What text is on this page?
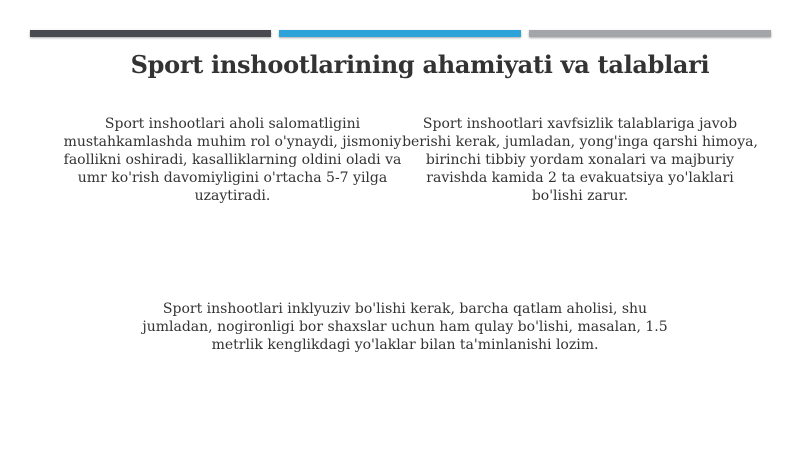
Sport inshootlarining ahamiyati va talablari
Sport inshootlari aholi salomatligini mustahkamlashda muhim rol o'ynaydi, jismoniy faollikni oshiradi, kasalliklarning oldini oladi va umr ko'rish davomiyligini o'rtacha 5-7 yilga uzaytiradi.
Sport inshootlari xavfsizlik talablariga javob berishi kerak, jumladan, yong'inga qarshi himoya, birinchi tibbiy yordam xonalari va majburiy ravishda kamida 2 ta evakuatsiya yo'laklari bo'lishi zarur.
Sport inshootlari inklyuziv bo'lishi kerak, barcha qatlam aholisi, shu jumladan, nogironligi bor shaxslar uchun ham qulay bo'lishi, masalan, 1.5 metrlik kenglikdagi yo'laklar bilan ta'minlanishi lozim.
